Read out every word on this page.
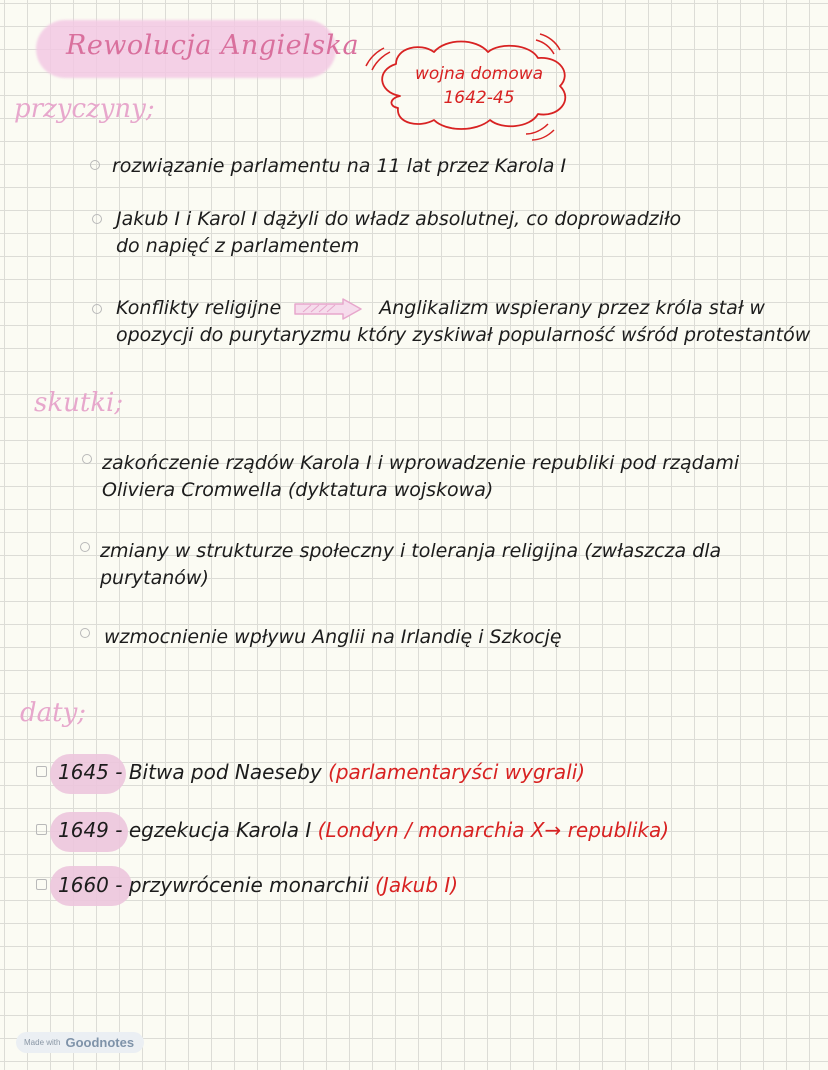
Rewolucja Angielska
wojna domowa
1642-45
przyczyny;
rozwiązanie parlamentu na 11 lat przez Karola I
Jakub I i Karol I dążyli do władz absolutnej, co doprowadziło
do napięć z parlamentem
Konflikty religijne	Anglikalizm wspierany przez króla stał w
opozycji do purytaryzmu który zyskiwał popularność wśród protestantów
skutki;
zakończenie rządów Karola I i wprowadzenie republiki pod rządami
Oliviera Cromwella (dyktatura wojskowa)
zmiany w strukturze społeczny i toleranja religijna (zwłaszcza dla
purytanów)
wzmocnienie wpływu Anglii na Irlandię i Szkocję
daty;
1645 - Bitwa pod Naeseby (parlamentaryści wygrali)
1649 - egzekucja Karola I (Londyn / monarchia X→ republika)
1660 - przywrócenie monarchii (Jakub I)
Made with Goodnotes
